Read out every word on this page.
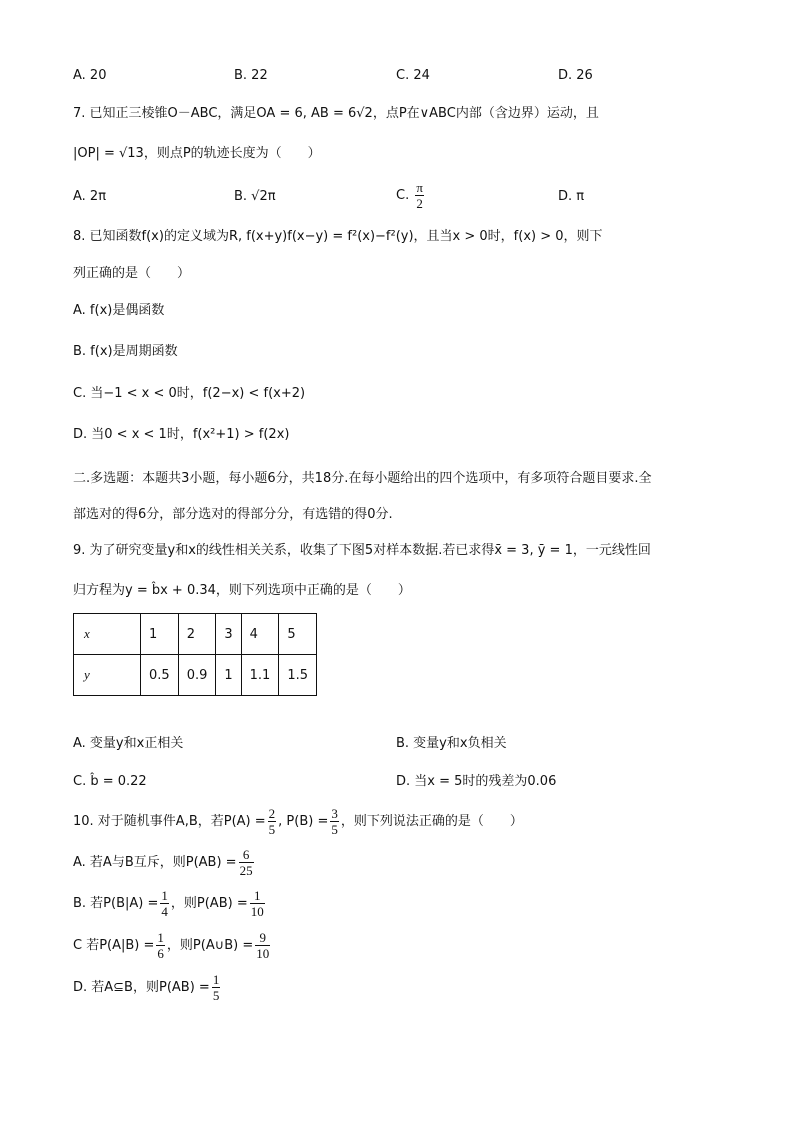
A. 20	B. 22	C. 24	D. 26
7. 已知正三棱锥O－ABC，满足OA = 6, AB = 6√2，点P在∨ABC内部（含边界）运动，且
|OP| = √13，则点P的轨迹长度为（　　）
A. 2π	B. √2π	C. $\frac{\pi}{2}$	D. π
8. 已知函数f(x)的定义域为R, f(x+y)f(x−y) = f²(x)−f²(y)，且当x > 0时，f(x) > 0，则下
列正确的是（　　）
A. f(x)是偶函数
B. f(x)是周期函数
C. 当−1 < x < 0时，f(2−x) < f(x+2)
D. 当0 < x < 1时，f(x²+1) > f(2x)
二.多选题：本题共3小题，每小题6分，共18分.在每小题给出的四个选项中，有多项符合题目要求.全
部选对的得6分，部分选对的得部分分，有选错的得0分.
9. 为了研究变量y和x的线性相关关系，收集了下图5对样本数据.若已求得x̄ = 3, ȳ = 1，一元线性回
归方程为y = b̂x + 0.34，则下列选项中正确的是（　　）
x	1	2	3	4	5
y	0.5	0.9	1	1.1	1.5
A. 变量y和x正相关	B. 变量y和x负相关
C. b̂ = 0.22	D. 当x = 5时的残差为0.06
10. 对于随机事件A,B，若$P(A) = \frac{2}{5}$ , $P(B) = \frac{3}{5}$ ，则下列说法正确的是（　　）
A. 若A与B互斥，则$P(AB) = \frac{6}{25}$
B. 若$P(B|A) = \frac{1}{4}$ ，则$P(AB) = \frac{1}{10}$
C 若$P(A|B) = \frac{1}{6}$ ，则P(A∪B) = $\frac{9}{10}$
D. 若A⊆B，则$P(AB) = \frac{1}{5}$
